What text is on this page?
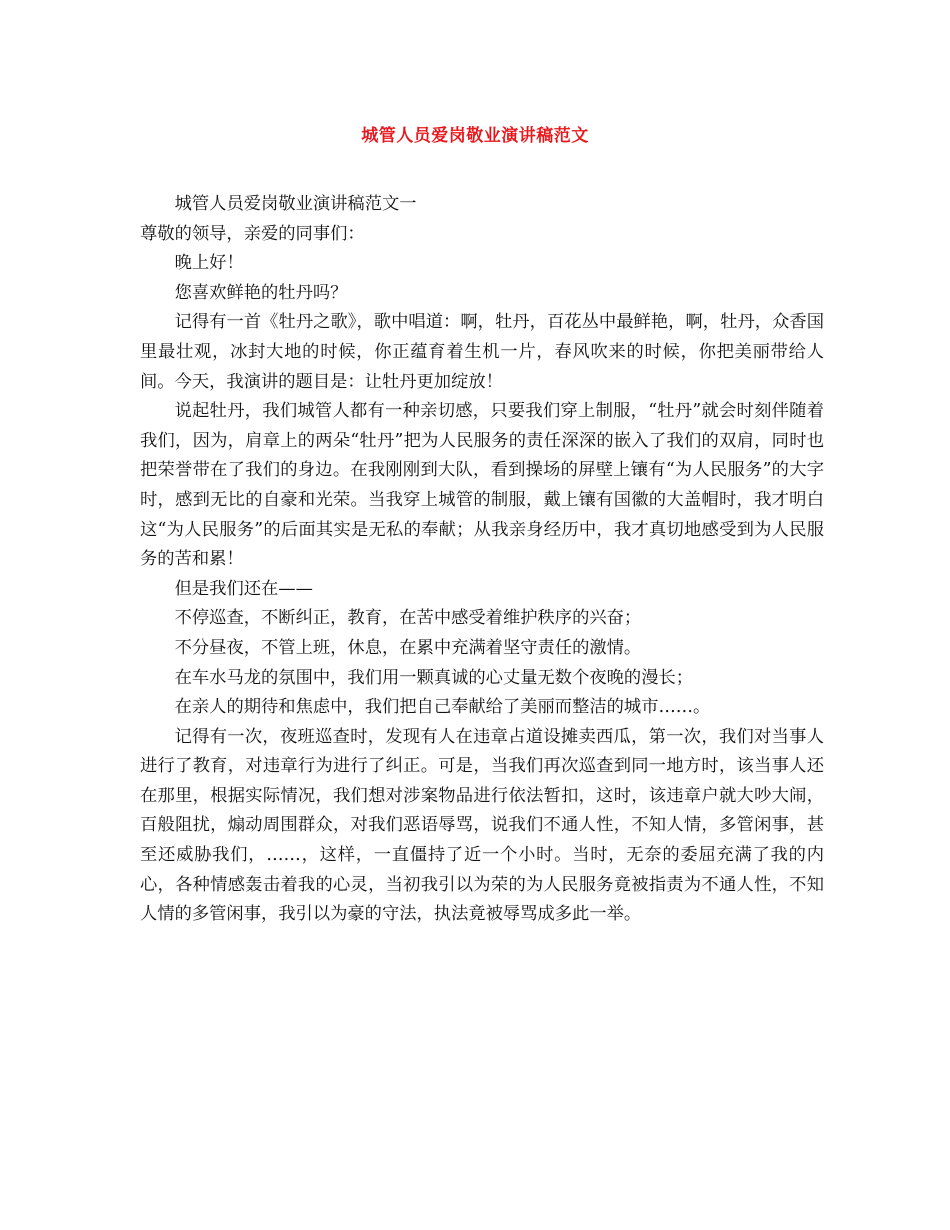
城管人员爱岗敬业演讲稿范文

城管人员爱岗敬业演讲稿范文一

尊敬的领导，亲爱的同事们：

晚上好！

您喜欢鲜艳的牡丹吗？

记得有一首《牡丹之歌》，歌中唱道：啊，牡丹，百花丛中最鲜艳，啊，牡丹，众香国里最壮观，冰封大地的时候，你正蕴育着生机一片，春风吹来的时候，你把美丽带给人间。今天，我演讲的题目是：让牡丹更加绽放！

说起牡丹，我们城管人都有一种亲切感，只要我们穿上制服，“牡丹”就会时刻伴随着我们，因为，肩章上的两朵“牡丹”把为人民服务的责任深深的嵌入了我们的双肩，同时也把荣誉带在了我们的身边。在我刚刚到大队，看到操场的屏壁上镶有“为人民服务”的大字时，感到无比的自豪和光荣。当我穿上城管的制服，戴上镶有国徽的大盖帽时，我才明白这“为人民服务”的后面其实是无私的奉献；从我亲身经历中，我才真切地感受到为人民服务的苦和累！

但是我们还在——

不停巡查，不断纠正，教育，在苦中感受着维护秩序的兴奋；

不分昼夜，不管上班，休息，在累中充满着坚守责任的激情。

在车水马龙的氛围中，我们用一颗真诚的心丈量无数个夜晚的漫长；

在亲人的期待和焦虑中，我们把自己奉献给了美丽而整洁的城市……。

记得有一次，夜班巡查时，发现有人在违章占道设摊卖西瓜，第一次，我们对当事人进行了教育，对违章行为进行了纠正。可是，当我们再次巡查到同一地方时，该当事人还在那里，根据实际情况，我们想对涉案物品进行依法暂扣，这时，该违章户就大吵大闹，百般阻扰，煽动周围群众，对我们恶语辱骂，说我们不通人性，不知人情，多管闲事，甚至还威胁我们，……，这样，一直僵持了近一个小时。当时，无奈的委屈充满了我的内心，各种情感轰击着我的心灵，当初我引以为荣的为人民服务竟被指责为不通人性，不知人情的多管闲事，我引以为豪的守法，执法竟被辱骂成多此一举。
